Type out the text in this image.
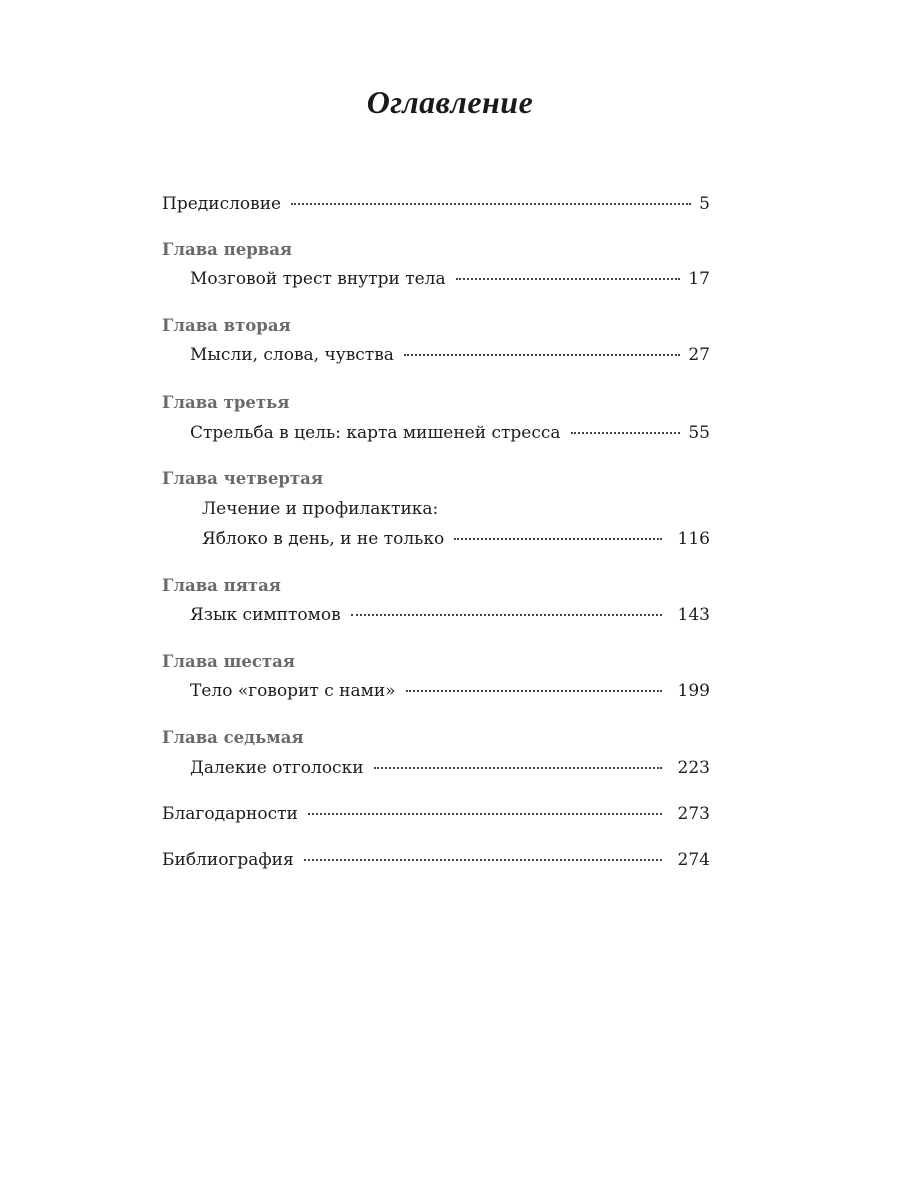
Оглавление
Предисловие	5
Глава первая
Мозговой трест внутри тела	17
Глава вторая
Мысли, слова, чувства	27
Глава третья
Стрельба в цель: карта мишеней стресса	55
Глава четвертая
Лечение и профилактика:
Яблоко в день, и не только	116
Глава пятая
Язык симптомов	143
Глава шестая
Тело «говорит с нами»	199
Глава седьмая
Далекие отголоски	223
Благодарности	273
Библиография	274
